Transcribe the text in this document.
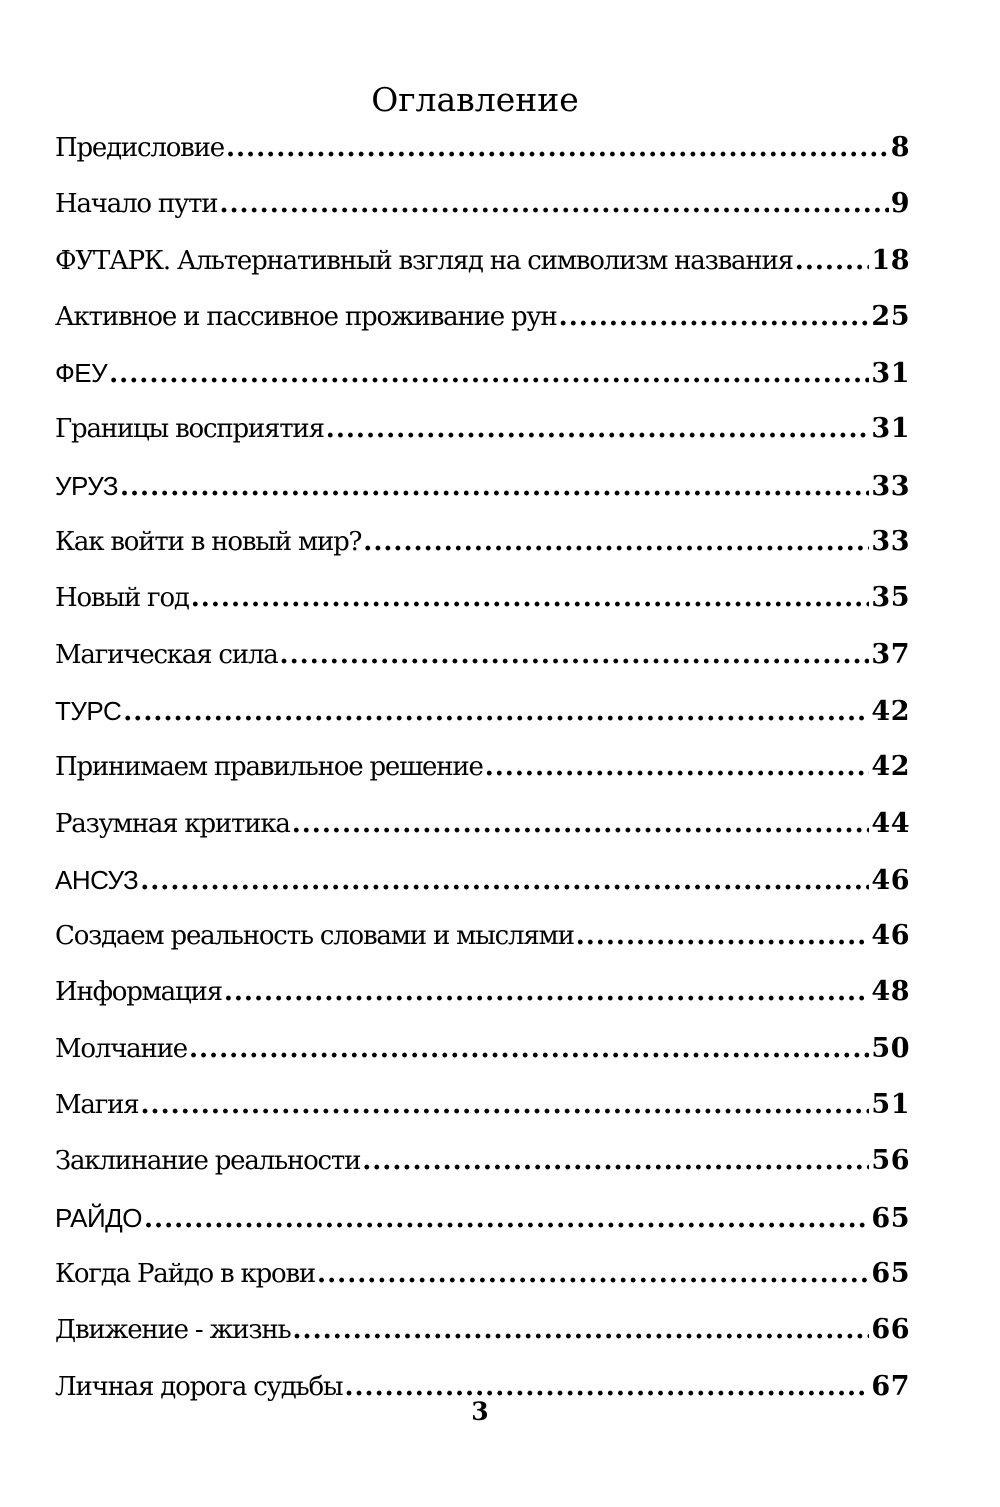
Оглавление
Предисловие .....	8
Начало пути .....	9
ФУТАРК. Альтернативный взгляд на символизм названия .....	18
Активное и пассивное проживание рун .....	25
ФЕУ .....	31
Границы восприятия .....	31
УРУЗ .....	33
Как войти в новый мир? .....	33
Новый год .....	35
Магическая сила .....	37
ТУРС .....	42
Принимаем правильное решение .....	42
Разумная критика .....	44
АНСУЗ .....	46
Создаем реальность словами и мыслями .....	46
Информация .....	48
Молчание .....	50
Магия .....	51
Заклинание реальности .....	56
РАЙДО .....	65
Когда Райдо в крови .....	65
Движение - жизнь .....	66
Личная дорога судьбы .....	67
3
